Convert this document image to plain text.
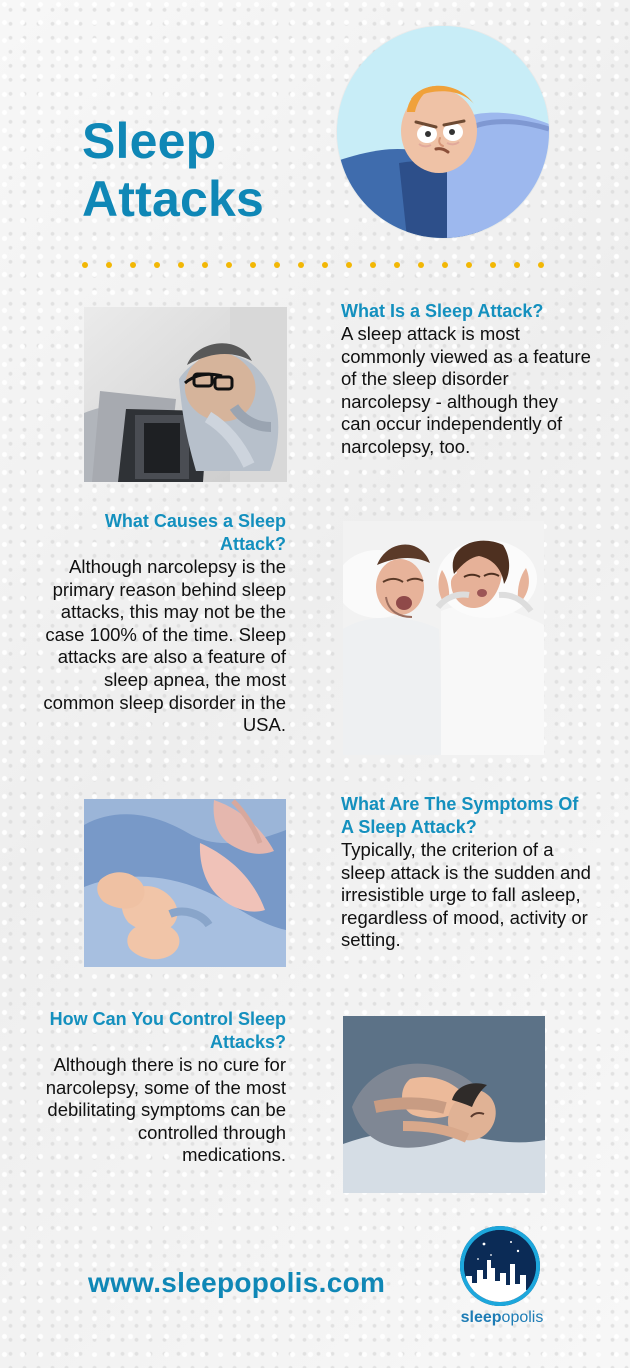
Sleep Attacks
What Is a Sleep Attack?

A sleep attack is most commonly viewed as a feature of the sleep disorder narcolepsy - although they can occur independently of narcolepsy, too.

What Causes a Sleep Attack?

Although narcolepsy is the primary reason behind sleep attacks, this may not be the case 100% of the time. Sleep attacks are also a feature of sleep apnea, the most common sleep disorder in the USA.

What Are The Symptoms Of A Sleep Attack?

Typically, the criterion of a sleep attack is the sudden and irresistible urge to fall asleep, regardless of mood, activity or setting.

How Can You Control Sleep Attacks?

Although there is no cure for narcolepsy, some of the most debilitating symptoms can be controlled through medications.

www.sleepopolis.com
sleepopolis
